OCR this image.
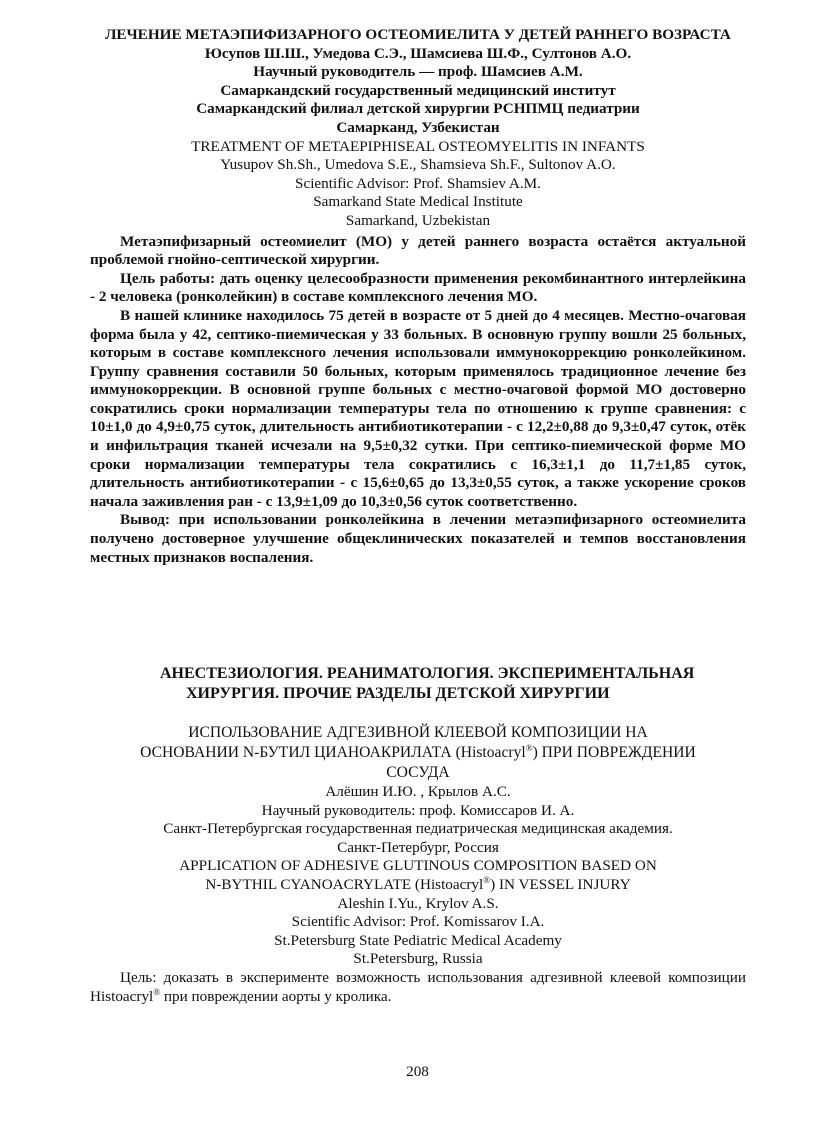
ЛЕЧЕНИЕ МЕТАЭПИФИЗАРНОГО ОСТЕОМИЕЛИТА У ДЕТЕЙ РАННЕГО ВОЗРАСТА
Юсупов Ш.Ш., Умедова С.Э., Шамсиева Ш.Ф., Султонов А.О.
Научный руководитель — проф. Шамсиев А.М.
Самаркандский государственный медицинский институт
Самаркандский филиал детской хирургии РСНПМЦ педиатрии
Самарканд, Узбекистан
TREATMENT OF METAEPIPHISEAL OSTEOMYELITIS IN INFANTS
Yusupov Sh.Sh., Umedova S.E., Shamsieva Sh.F., Sultonov A.O.
Scientific Advisor: Prof. Shamsiev A.M.
Samarkand State Medical Institute
Samarkand, Uzbekistan

Метаэпифизарный остеомиелит (МО) у детей раннего возраста остаётся актуальной проблемой гнойно-септической хирургии.

Цель работы: дать оценку целесообразности применения рекомбинантного интерлейкина - 2 человека (ронколейкин) в составе комплексного лечения МО.

В нашей клинике находилось 75 детей в возрасте от 5 дней до 4 месяцев. Местно-очаговая форма была у 42, септико-пиемическая у 33 больных. В основную группу вошли 25 больных, которым в составе комплексного лечения использовали иммунокоррекцию ронколейкином. Группу сравнения составили 50 больных, которым применялось традиционное лечение без иммунокоррекции. В основной группе больных с местно-очаговой формой МО достоверно сократились сроки нормализации температуры тела по отношению к группе сравнения: с 10±1,0 до 4,9±0,75 суток, длительность антибиотикотерапии - с 12,2±0,88 до 9,3±0,47 суток, отёк и инфильтрация тканей исчезали на 9,5±0,32 сутки. При септико-пиемической форме МО сроки нормализации температуры тела сократились с 16,3±1,1 до 11,7±1,85 суток, длительность антибиотикотерапии - с 15,6±0,65 до 13,3±0,55 суток, а также ускорение сроков начала заживления ран - с 13,9±1,09 до 10,3±0,56 суток соответственно.

Вывод: при использовании ронколейкина в лечении метаэпифизарного остеомиелита получено достоверное улучшение общеклинических показателей и темпов восстановления местных признаков воспаления.

АНЕСТЕЗИОЛОГИЯ. РЕАНИМАТОЛОГИЯ. ЭКСПЕРИМЕНТАЛЬНАЯ
ХИРУРГИЯ. ПРОЧИЕ РАЗДЕЛЫ ДЕТСКОЙ ХИРУРГИИ
ИСПОЛЬЗОВАНИЕ АДГЕЗИВНОЙ КЛЕЕВОЙ КОМПОЗИЦИИ НА
ОСНОВАНИИ N-БУТИЛ ЦИАНОАКРИЛАТА (Histoacryl®) ПРИ ПОВРЕЖДЕНИИ
СОСУДА
Алёшин И.Ю. , Крылов А.С.
Научный руководитель: проф. Комиссаров И. А.
Санкт-Петербургская государственная педиатрическая медицинская академия.
Санкт-Петербург, Россия
APPLICATION OF ADHESIVE GLUTINOUS COMPOSITION BASED ON
N-BYTHIL CYANOACRYLATE (Histoacryl®) IN VESSEL INJURY
Aleshin I.Yu., Krylov A.S.
Scientific Advisor: Prof. Komissarov I.A.
St.Petersburg State Pediatric Medical Academy
St.Petersburg, Russia

Цель: доказать в эксперименте возможность использования адгезивной клеевой композиции Histoacryl® при повреждении аорты у кролика.

208
